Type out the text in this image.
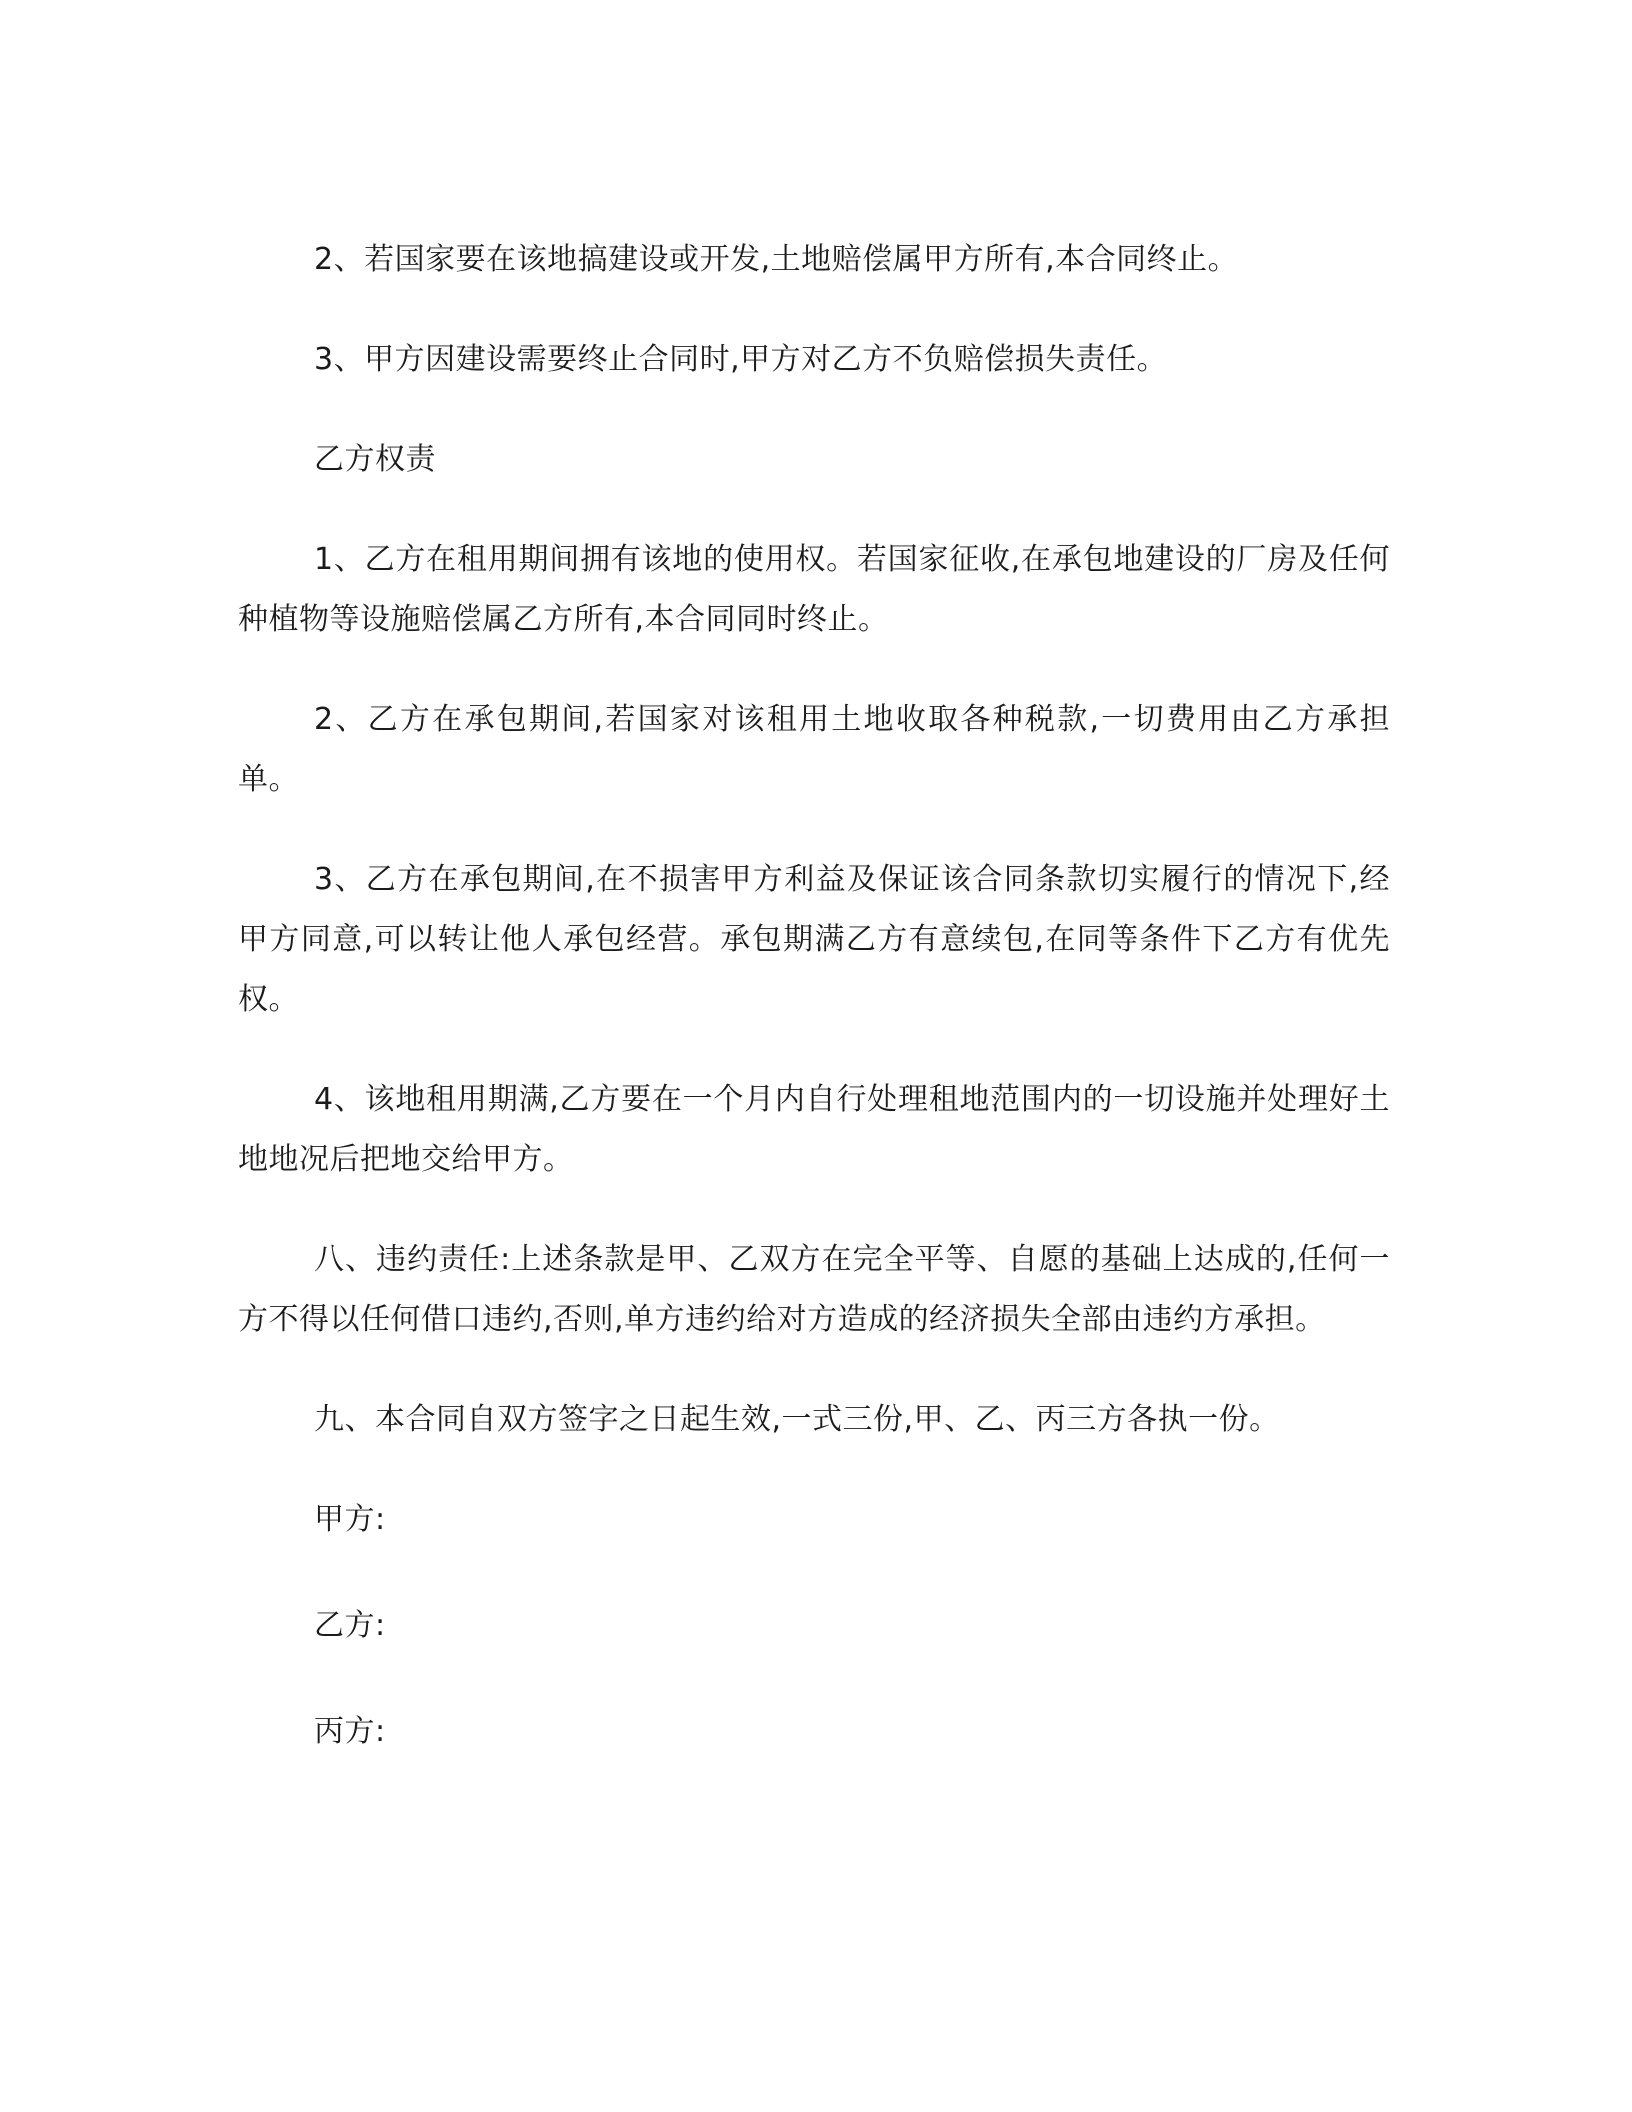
2、若国家要在该地搞建设或开发,土地赔偿属甲方所有,本合同终止。

3、甲方因建设需要终止合同时,甲方对乙方不负赔偿损失责任。

乙方权责

1、乙方在租用期间拥有该地的使用权。若国家征收,在承包地建设的厂房及任何种植物等设施赔偿属乙方所有,本合同同时终止。

2、乙方在承包期间,若国家对该租用土地收取各种税款,一切费用由乙方承担单。

3、乙方在承包期间,在不损害甲方利益及保证该合同条款切实履行的情况下,经甲方同意,可以转让他人承包经营。承包期满乙方有意续包,在同等条件下乙方有优先权。

4、该地租用期满,乙方要在一个月内自行处理租地范围内的一切设施并处理好土地地况后把地交给甲方。

八、违约责任:上述条款是甲、乙双方在完全平等、自愿的基础上达成的,任何一方不得以任何借口违约,否则,单方违约给对方造成的经济损失全部由违约方承担。

九、本合同自双方签字之日起生效,一式三份,甲、乙、丙三方各执一份。

甲方:

乙方:

丙方:
